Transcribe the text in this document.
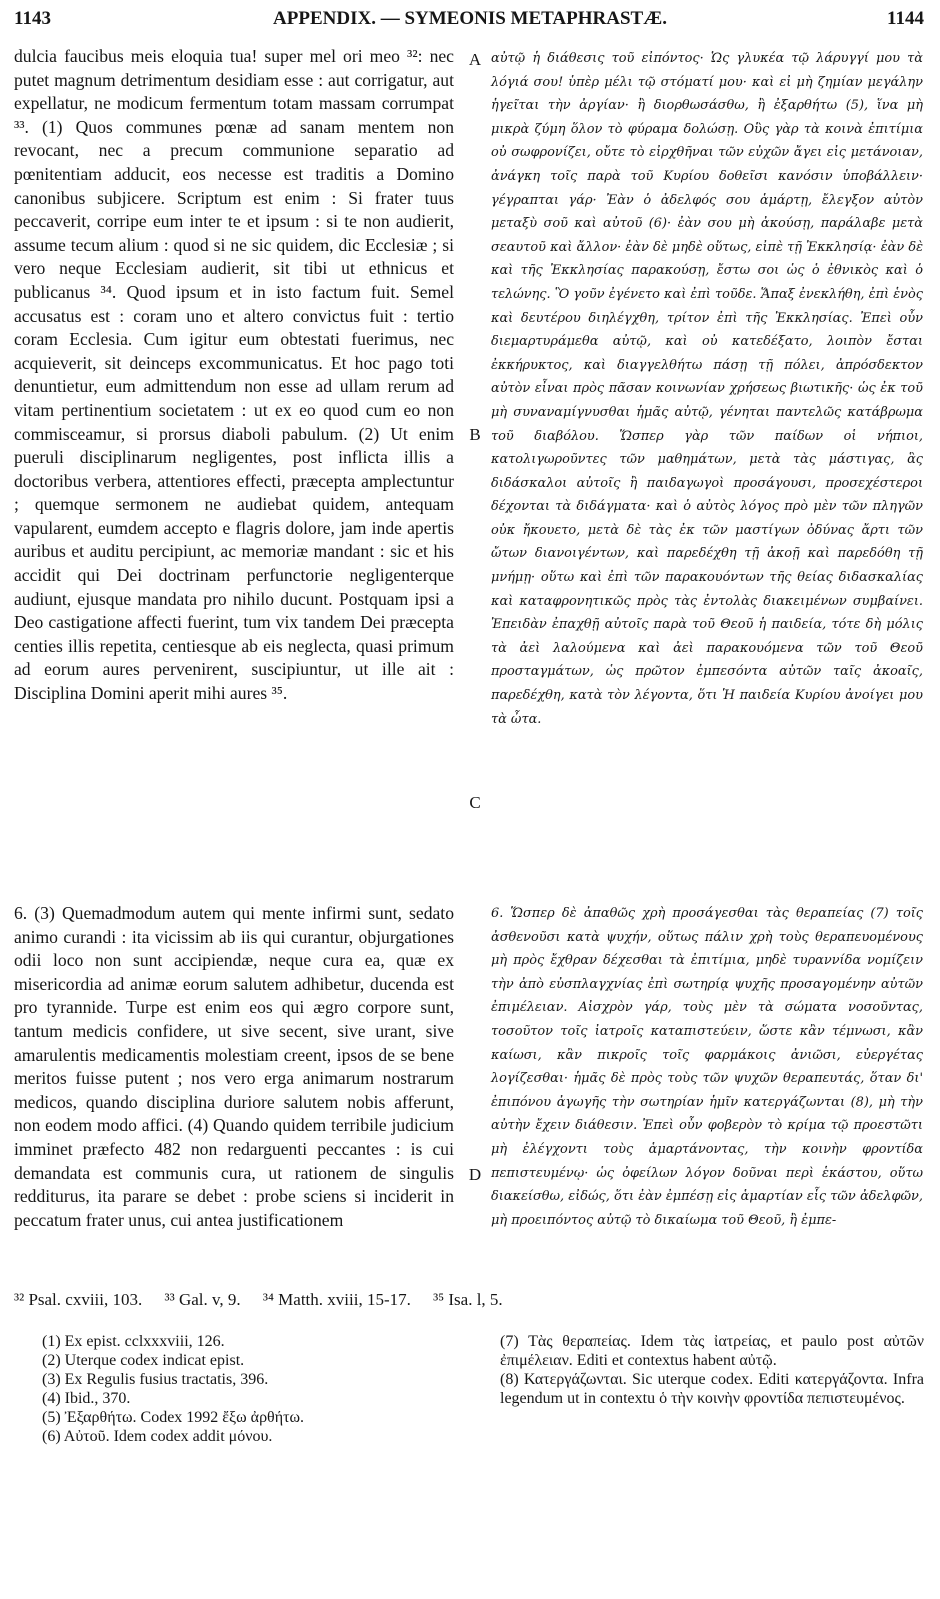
1143	APPENDIX. — SYMEONIS METAPHRASTÆ.	1144
dulcia faucibus meis eloquia tua! super mel ori meo ³²: nec putet magnum detrimentum desidiam esse : aut corrigatur, aut expellatur, ne modicum fermentum totam massam corrumpat ³³. (1) Quos communes pœnæ ad sanam mentem non revocant, nec a precum communione separatio ad pœnitentiam adducit, eos necesse est traditis a Domino canonibus subjicere. Scriptum est enim : Si frater tuus peccaverit, corripe eum inter te et ipsum : si te non audierit, assume tecum alium : quod si ne sic quidem, dic Ecclesiæ ; si vero neque Ecclesiam audierit, sit tibi ut ethnicus et publicanus ³⁴. Quod ipsum et in isto factum fuit. Semel accusatus est : coram uno et altero convictus fuit : tertio coram Ecclesia. Cum igitur eum obtestati fuerimus, nec acquieverit, sit deinceps excommunicatus. Et hoc pago toti denuntietur, eum admittendum non esse ad ullam rerum ad vitam pertinentium societatem : ut ex eo quod cum eo non commisceamur, si prorsus diaboli pabulum. (2) Ut enim pueruli disciplinarum negligentes, post inflicta illis a doctoribus verbera, attentiores effecti, præcepta amplectuntur ; quemque sermonem ne audiebat quidem, antequam vapularent, eumdem accepto e flagris dolore, jam inde apertis auribus et auditu percipiunt, ac memoriæ mandant : sic et his accidit qui Dei doctrinam perfunctorie negligenterque audiunt, ejusque mandata pro nihilo ducunt. Postquam ipsi a Deo castigatione affecti fuerint, tum vix tandem Dei præcepta centies illis repetita, centiesque ab eis neglecta, quasi primum ad eorum aures pervenirent, suscipiuntur, ut ille ait : Disciplina Domini aperit mihi aures ³⁵.
αὐτῷ ἡ διάθεσις τοῦ εἰπόντος· Ὡς γλυκέα τῷ λάρυγγί μου τὰ λόγιά σου! ὑπὲρ μέλι τῷ στόματί μου· καὶ εἰ μὴ ζημίαν μεγάλην ἡγεῖται τὴν ἀργίαν· ἢ διορθωσάσθω, ἢ ἐξαρθήτω (5), ἵνα μὴ μικρὰ ζύμη ὅλον τὸ φύραμα δολώσῃ. Οὓς γὰρ τὰ κοινὰ ἐπιτίμια οὐ σωφρονίζει, οὔτε τὸ εἰρχθῆναι τῶν εὐχῶν ἄγει εἰς μετάνοιαν, ἀνάγκη τοῖς παρὰ τοῦ Κυρίου δοθεῖσι κανόσιν ὑποβάλλειν· γέγραπται γάρ· Ἐὰν ὁ ἀδελφός σου ἁμάρτῃ, ἔλεγξον αὐτὸν μεταξὺ σοῦ καὶ αὐτοῦ (6)· ἐὰν σου μὴ ἀκούσῃ, παράλαβε μετὰ σεαυτοῦ καὶ ἄλλον· ἐὰν δὲ μηδὲ οὕτως, εἰπὲ τῇ Ἐκκλησίᾳ· ἐὰν δὲ καὶ τῆς Ἐκκλησίας παρακούσῃ, ἔστω σοι ὡς ὁ ἐθνικὸς καὶ ὁ τελώνης. Ὃ γοῦν ἐγένετο καὶ ἐπὶ τοῦδε. Ἅπαξ ἐνεκλήθη, ἐπὶ ἑνὸς καὶ δευτέρου διηλέγχθη, τρίτον ἐπὶ τῆς Ἐκκλησίας. Ἐπεὶ οὖν διεμαρτυράμεθα αὐτῷ, καὶ οὐ κατεδέξατο, λοιπὸν ἔσται ἐκκήρυκτος, καὶ διαγγελθήτω πάσῃ τῇ πόλει, ἀπρόσδεκτον αὐτὸν εἶναι πρὸς πᾶσαν κοινωνίαν χρήσεως βιωτικῆς· ὡς ἐκ τοῦ μὴ συναναμίγνυσθαι ἡμᾶς αὐτῷ, γένηται παντελῶς κατάβρωμα τοῦ διαβόλου. Ὥσπερ γὰρ τῶν παίδων οἱ νήπιοι, κατολιγωροῦντες τῶν μαθημάτων, μετὰ τὰς μάστιγας, ἃς διδάσκαλοι αὐτοῖς ἢ παιδαγωγοὶ προσάγουσι, προσεχέστεροι δέχονται τὰ διδάγματα· καὶ ὁ αὐτὸς λόγος πρὸ μὲν τῶν πληγῶν οὐκ ἤκουετο, μετὰ δὲ τὰς ἐκ τῶν μαστίγων ὀδύνας ἄρτι τῶν ὤτων διανοιγέντων, καὶ παρεδέχθη τῇ ἀκοῇ καὶ παρεδόθη τῇ μνήμῃ· οὕτω καὶ ἐπὶ τῶν παρακουόντων τῆς θείας διδασκαλίας καὶ καταφρονητικῶς πρὸς τὰς ἐντολὰς διακειμένων συμβαίνει. Ἐπειδὰν ἐπαχθῇ αὐτοῖς παρὰ τοῦ Θεοῦ ἡ παιδεία, τότε δὴ μόλις τὰ ἀεὶ λαλούμενα καὶ ἀεὶ παρακουόμενα τῶν τοῦ Θεοῦ προσταγμάτων, ὡς πρῶτον ἐμπεσόντα αὐτῶν ταῖς ἀκοαῖς, παρεδέχθη, κατὰ τὸν λέγοντα, ὅτι Ἡ παιδεία Κυρίου ἀνοίγει μου τὰ ὦτα.
A
B
C
D
6. (3) Quemadmodum autem qui mente infirmi sunt, sedato animo curandi : ita vicissim ab iis qui curantur, objurgationes odii loco non sunt accipiendæ, neque cura ea, quæ ex misericordia ad animæ eorum salutem adhibetur, ducenda est pro tyrannide. Turpe est enim eos qui ægro corpore sunt, tantum medicis confidere, ut sive secent, sive urant, sive amarulentis medicamentis molestiam creent, ipsos de se bene meritos fuisse putent ; nos vero erga animarum nostrarum medicos, quando disciplina duriore salutem nobis afferunt, non eodem modo affici. (4) Quando quidem terribile judicium imminet præfecto 482 non redarguenti peccantes : is cui demandata est communis cura, ut rationem de singulis redditurus, ita parare se debet : probe sciens si inciderit in peccatum frater unus, cui antea justificationem
6. Ὥσπερ δὲ ἀπαθῶς χρὴ προσάγεσθαι τὰς θεραπείας (7) τοῖς ἀσθενοῦσι κατὰ ψυχήν, οὕτως πάλιν χρὴ τοὺς θεραπευομένους μὴ πρὸς ἔχθραν δέχεσθαι τὰ ἐπιτίμια, μηδὲ τυραννίδα νομίζειν τὴν ἀπὸ εὐσπλαγχνίας ἐπὶ σωτηρίᾳ ψυχῆς προσαγομένην αὐτῶν ἐπιμέλειαν. Αἰσχρὸν γάρ, τοὺς μὲν τὰ σώματα νοσοῦντας, τοσοῦτον τοῖς ἰατροῖς καταπιστεύειν, ὥστε κἂν τέμνωσι, κἂν καίωσι, κἂν πικροῖς τοῖς φαρμάκοις ἀνιῶσι, εὐεργέτας λογίζεσθαι· ἡμᾶς δὲ πρὸς τοὺς τῶν ψυχῶν θεραπευτάς, ὅταν δι' ἐπιπόνου ἀγωγῆς τὴν σωτηρίαν ἡμῖν κατεργάζωνται (8), μὴ τὴν αὐτὴν ἔχειν διάθεσιν. Ἐπεὶ οὖν φοβερὸν τὸ κρίμα τῷ προεστῶτι μὴ ἐλέγχοντι τοὺς ἁμαρτάνοντας, τὴν κοινὴν φροντίδα πεπιστευμένῳ· ὡς ὀφείλων λόγον δοῦναι περὶ ἑκάστου, οὕτω διακείσθω, εἰδώς, ὅτι ἐὰν ἐμπέσῃ εἰς ἁμαρτίαν εἷς τῶν ἀδελφῶν, μὴ προειπόντος αὐτῷ τὸ δικαίωμα τοῦ Θεοῦ, ἢ ἐμπε-
³² Psal. cxviii, 103. ³³ Gal. v, 9. ³⁴ Matth. xviii, 15-17. ³⁵ Isa. l, 5.
(1) Ex epist. cclxxxviii, 126.
(2) Uterque codex indicat epist.
(3) Ex Regulis fusius tractatis, 396.
(4) Ibid., 370.
(5) Ἐξαρθήτω. Codex 1992 ἔξω ἀρθήτω.
(6) Αὐτοῦ. Idem codex addit μόνου.
(7) Τὰς θεραπείας. Idem τὰς ἰατρείας, et paulo post αὐτῶν ἐπιμέλειαν. Editi et contextus habent αὐτῷ.
(8) Κατεργάζωνται. Sic uterque codex. Editi κατεργάζοντα. Infra legendum ut in contextu ὁ τὴν κοινὴν φροντίδα πεπιστευμένος.
